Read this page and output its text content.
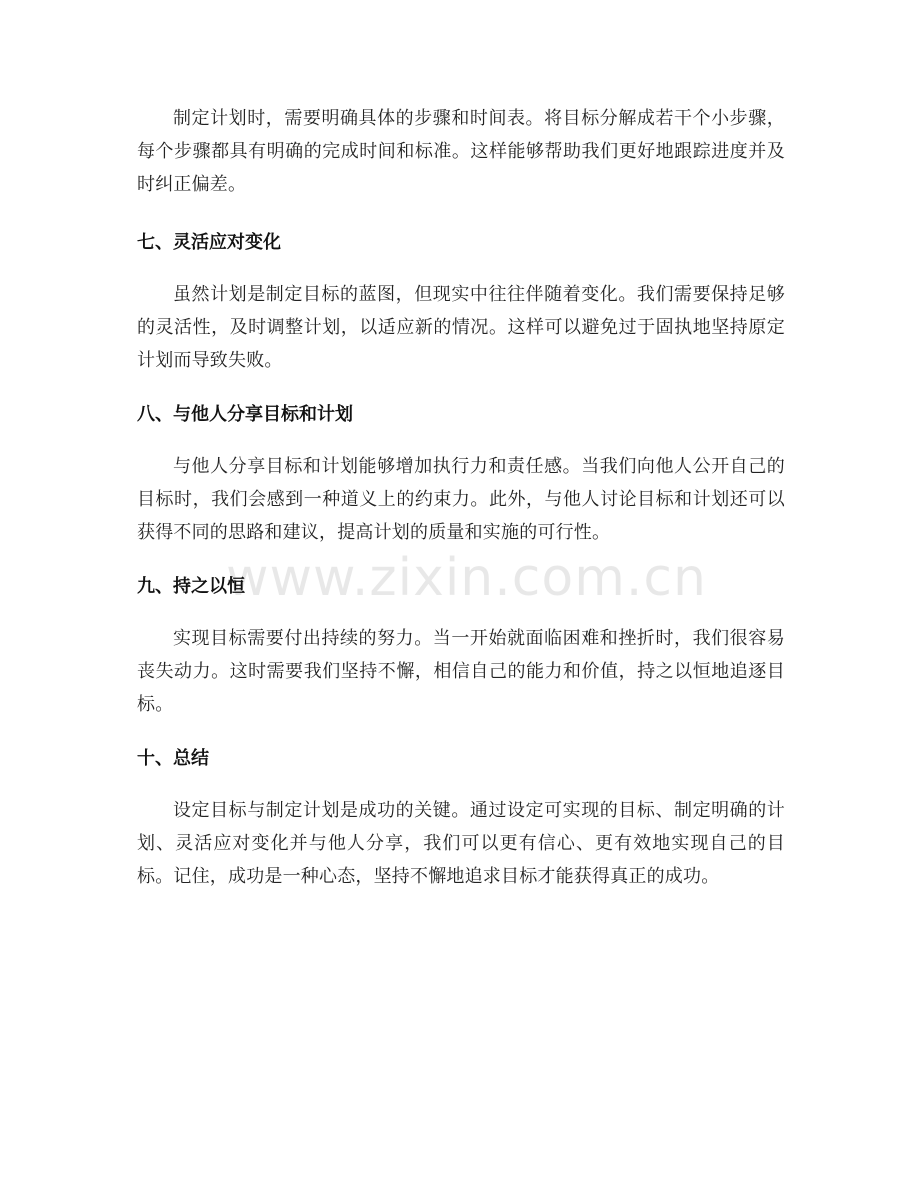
制定计划时，需要明确具体的步骤和时间表。将目标分解成若干个小步骤，每个步骤都具有明确的完成时间和标准。这样能够帮助我们更好地跟踪进度并及时纠正偏差。

七、灵活应对变化

虽然计划是制定目标的蓝图，但现实中往往伴随着变化。我们需要保持足够的灵活性，及时调整计划，以适应新的情况。这样可以避免过于固执地坚持原定计划而导致失败。

八、与他人分享目标和计划

与他人分享目标和计划能够增加执行力和责任感。当我们向他人公开自己的目标时，我们会感到一种道义上的约束力。此外，与他人讨论目标和计划还可以获得不同的思路和建议，提高计划的质量和实施的可行性。

九、持之以恒

实现目标需要付出持续的努力。当一开始就面临困难和挫折时，我们很容易丧失动力。这时需要我们坚持不懈，相信自己的能力和价值，持之以恒地追逐目标。

十、总结

设定目标与制定计划是成功的关键。通过设定可实现的目标、制定明确的计划、灵活应对变化并与他人分享，我们可以更有信心、更有效地实现自己的目标。记住，成功是一种心态，坚持不懈地追求目标才能获得真正的成功。

www.zixin.com.cn
